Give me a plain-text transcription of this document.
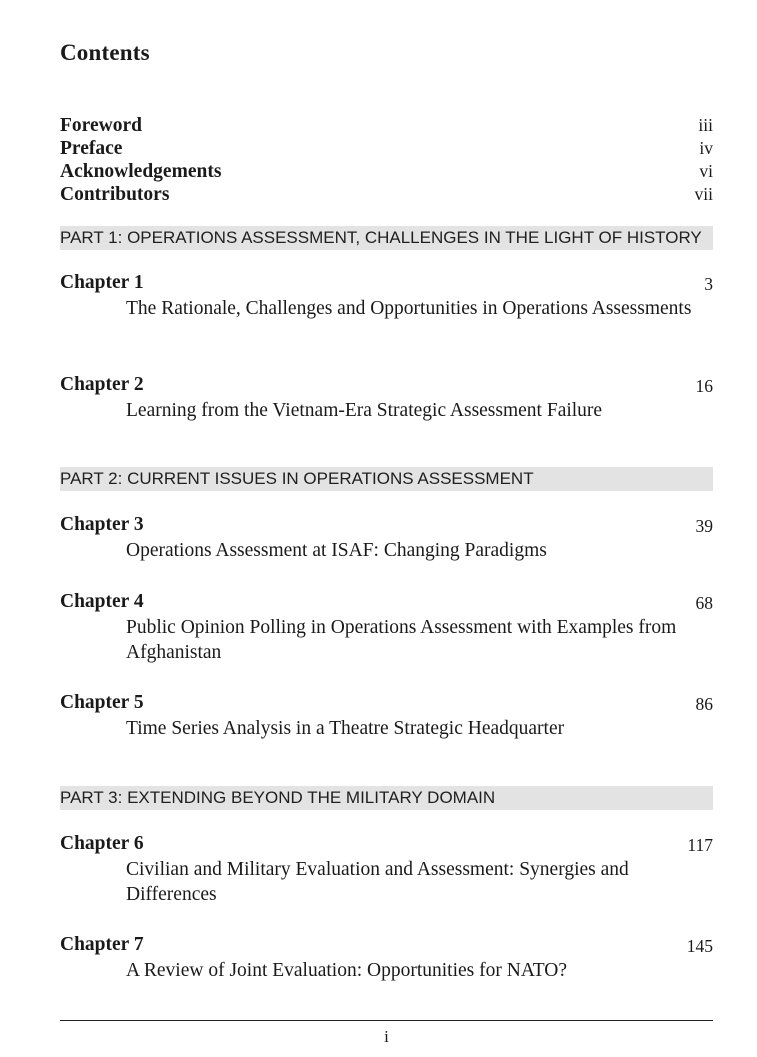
Contents
Foreword	iii
Preface	iv
Acknowledgements	vi
Contributors	vii
PART 1: OPERATIONS ASSESSMENT, CHALLENGES IN THE LIGHT OF HISTORY
Chapter 1	3
The Rationale, Challenges and Opportunities in Operations Assessments
Chapter 2	16
Learning from the Vietnam-Era Strategic Assessment Failure
PART 2: CURRENT ISSUES IN OPERATIONS ASSESSMENT
Chapter 3	39
Operations Assessment at ISAF: Changing Paradigms
Chapter 4	68
Public Opinion Polling in Operations Assessment with Examples from Afghanistan
Chapter 5	86
Time Series Analysis in a Theatre Strategic Headquarter
PART 3: EXTENDING BEYOND THE MILITARY DOMAIN
Chapter 6	117
Civilian and Military Evaluation and Assessment: Synergies and Differences
Chapter 7	145
A Review of Joint Evaluation: Opportunities for NATO?
i
